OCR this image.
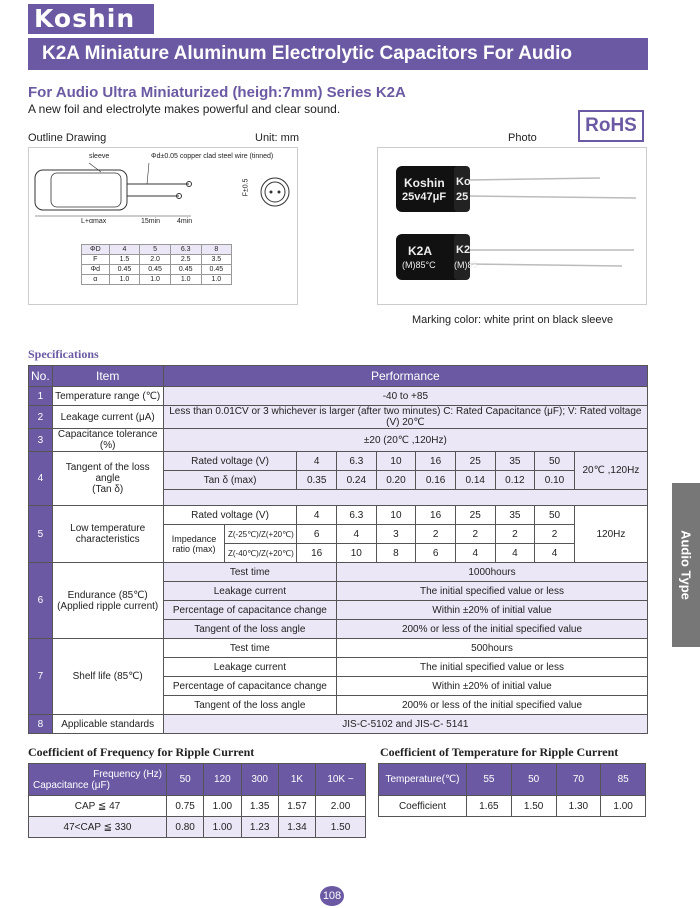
Koshin
K2A Miniature Aluminum Electrolytic Capacitors For Audio
For Audio Ultra Miniaturized (heigh:7mm) Series K2A
A new foil and electrolyte makes powerful and clear sound.
Outline Drawing	Unit: mm	Photo
RoHS
sleeve	Φd±0.05 copper clad steel wire (tinned)
L+αmax	15min 4min
F±0.5
ΦD	4	5	6.3	8
F	1.5	2.0	2.5	3.5
Φd	0.45	0.45	0.45	0.45
α	1.0	1.0	1.0	1.0
Koshin
25v47μF
Ko
25
K2A
(M)85°C
K2
(M)85
Marking color: white print on black sleeve
Specifications
No.	Item	Performance									
1	Temperature range (℃)	-40 to +85									
2	Leakage current (μA)	Less than 0.01CV or 3 whichever is larger (after two minutes) C: Rated Capacitance (μF); V: Rated voltage (V) 20℃									
3	Capacitance tolerance (%)	±20 (20℃ ,120Hz)									
4	Tangent of the loss angle
(Tan δ)	Rated voltage (V)		4	6.3	10	16	25	35	50	20℃ ,120Hz
		Tan δ (max)		0.35	0.24	0.20	0.16	0.14	0.12	0.10	

5	Low temperature
characteristics	Rated voltage (V)		4	6.3	10	16	25	35	50	120Hz

		Impedance
ratio (max)	Z(-25℃)/Z(+20℃)	6	4	3	2	2	2	2	
			Z(-40℃)/Z(+20℃)	16	10	8	6	4	4	4	
6	Endurance (85℃)
(Applied ripple current)	Test time			1000hours						
		Leakage current			The initial specified value or less						
		Percentage of capacitance change			Within ±20% of initial value						
		Tangent of the loss angle			200% or less of the initial specified value						
7	Shelf life (85℃)	Test time			500hours						
		Leakage current			The initial specified value or less						
		Percentage of capacitance change			Within ±20% of initial value						
		Tangent of the loss angle			200% or less of the initial specified value						
8	Applicable standards	JIS-C-5102 and JIS-C- 5141									
Coefficient of Frequency for Ripple Current
Frequency (Hz)
Capacitance (μF)	50	120	300	1K	10K ~
CAP ≦ 47	0.75	1.00	1.35	1.57	2.00
47<CAP ≦ 330	0.80	1.00	1.23	1.34	1.50
Coefficient of Temperature for Ripple Current
Temperature(℃)	55	50	70	85
Coefficient	1.65	1.50	1.30	1.00
Audio Type
108
